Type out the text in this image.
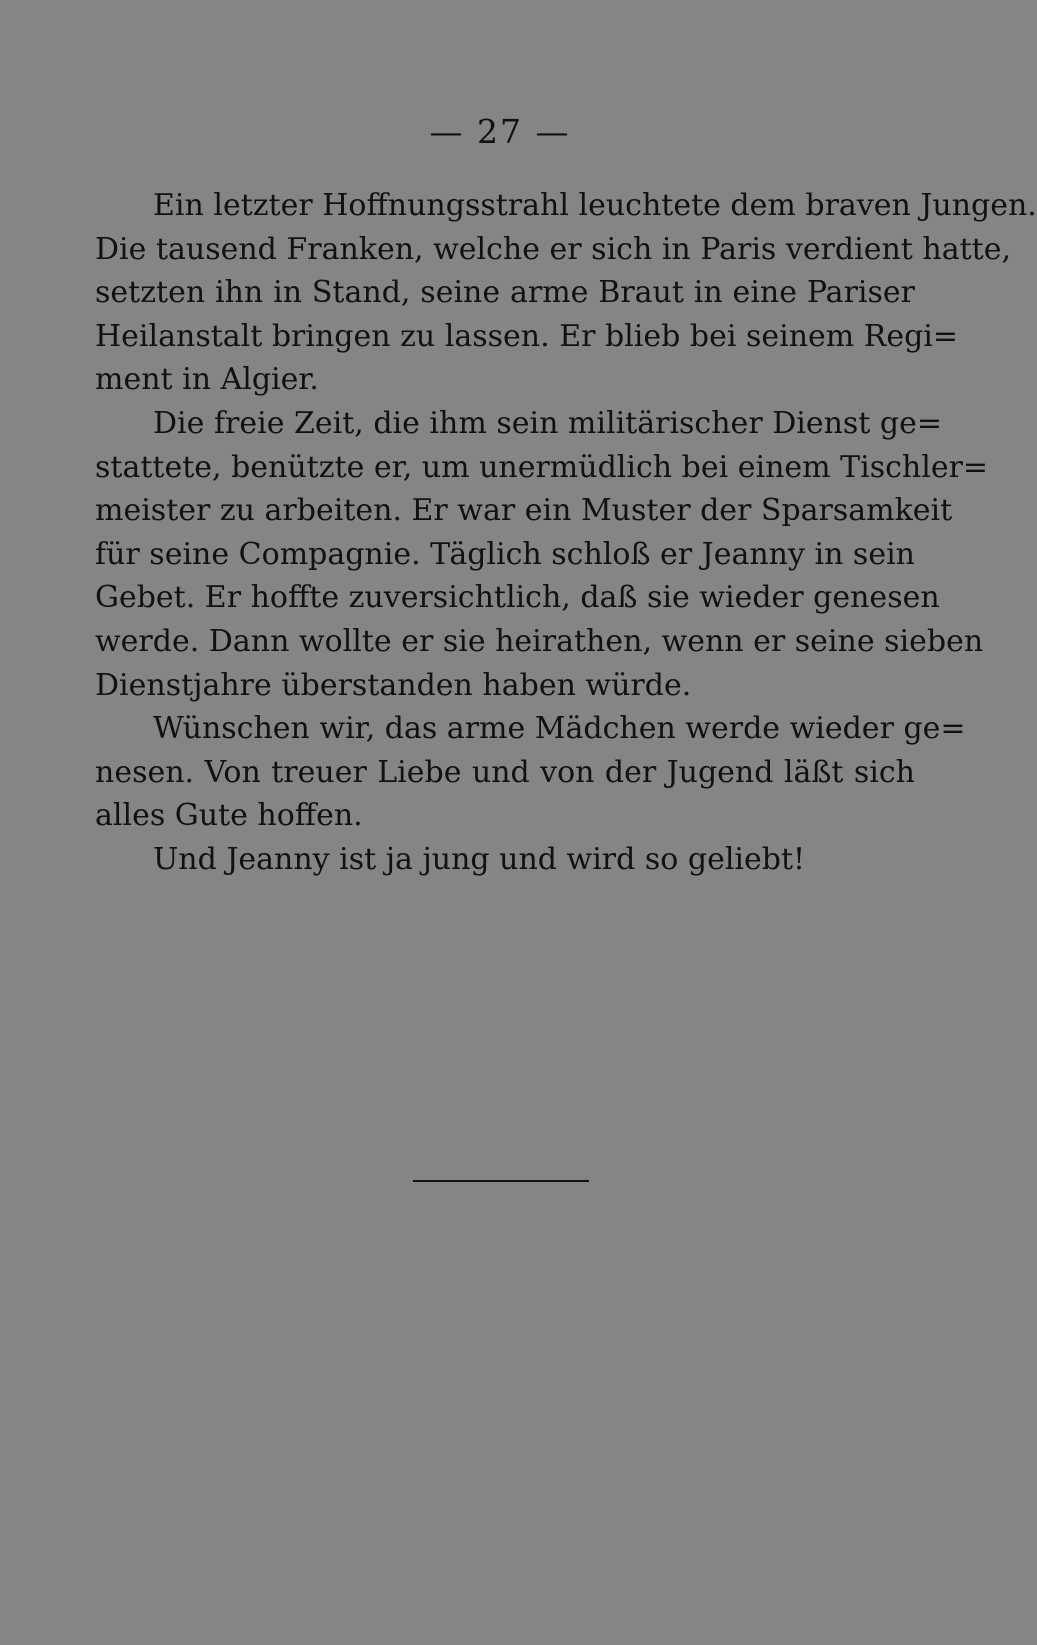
— 27 —
Ein letzter Hoffnungsstrahl leuchtete dem braven Jungen.
Die tausend Franken, welche er sich in Paris verdient hatte,
setzten ihn in Stand, seine arme Braut in eine Pariser
Heilanstalt bringen zu lassen. Er blieb bei seinem Regi=
ment in Algier.
Die freie Zeit, die ihm sein militärischer Dienst ge=
stattete, benützte er, um unermüdlich bei einem Tischler=
meister zu arbeiten. Er war ein Muster der Sparsamkeit
für seine Compagnie. Täglich schloß er Jeanny in sein
Gebet. Er hoffte zuversichtlich, daß sie wieder genesen
werde. Dann wollte er sie heirathen, wenn er seine sieben
Dienstjahre überstanden haben würde.
Wünschen wir, das arme Mädchen werde wieder ge=
nesen. Von treuer Liebe und von der Jugend läßt sich
alles Gute hoffen.
Und Jeanny ist ja jung und wird so geliebt!
